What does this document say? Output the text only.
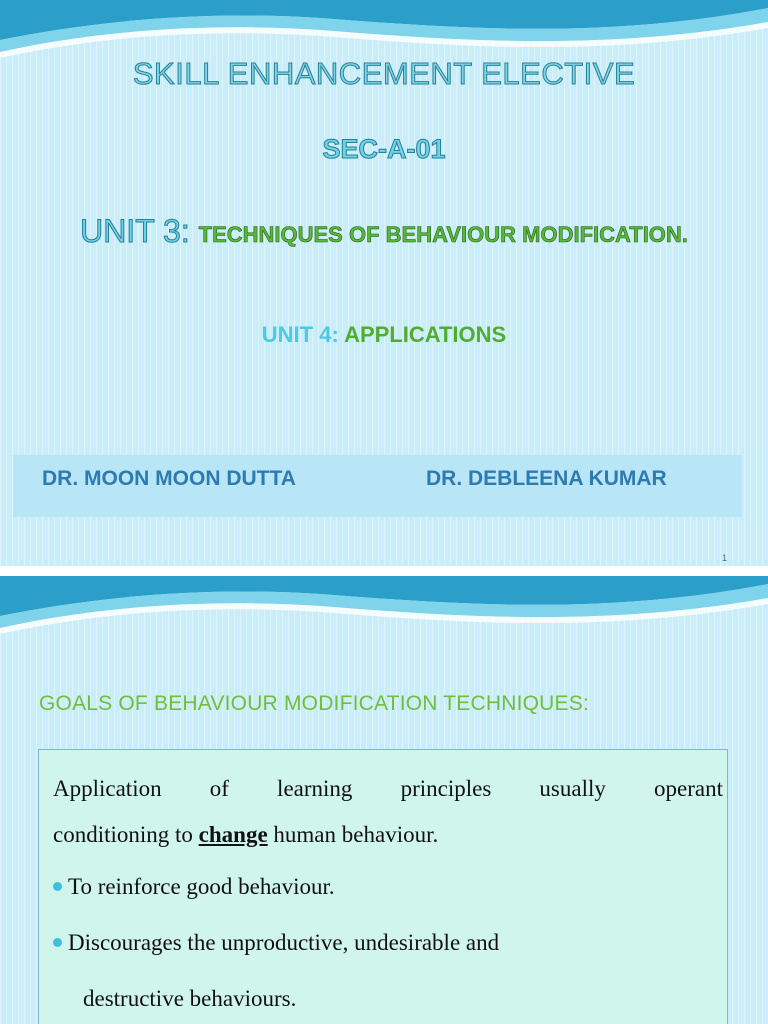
SKILL ENHANCEMENT ELECTIVE
SEC-A-01
UNIT 3: TECHNIQUES OF BEHAVIOUR MODIFICATION.
UNIT 4: APPLICATIONS
DR. MOON MOON DUTTA	DR. DEBLEENA KUMAR
1
GOALS OF BEHAVIOUR MODIFICATION TECHNIQUES:
Application of learning principles usually operant
conditioning to change human behaviour.
To reinforce good behaviour.
Discourages the unproductive, undesirable and
destructive behaviours.
